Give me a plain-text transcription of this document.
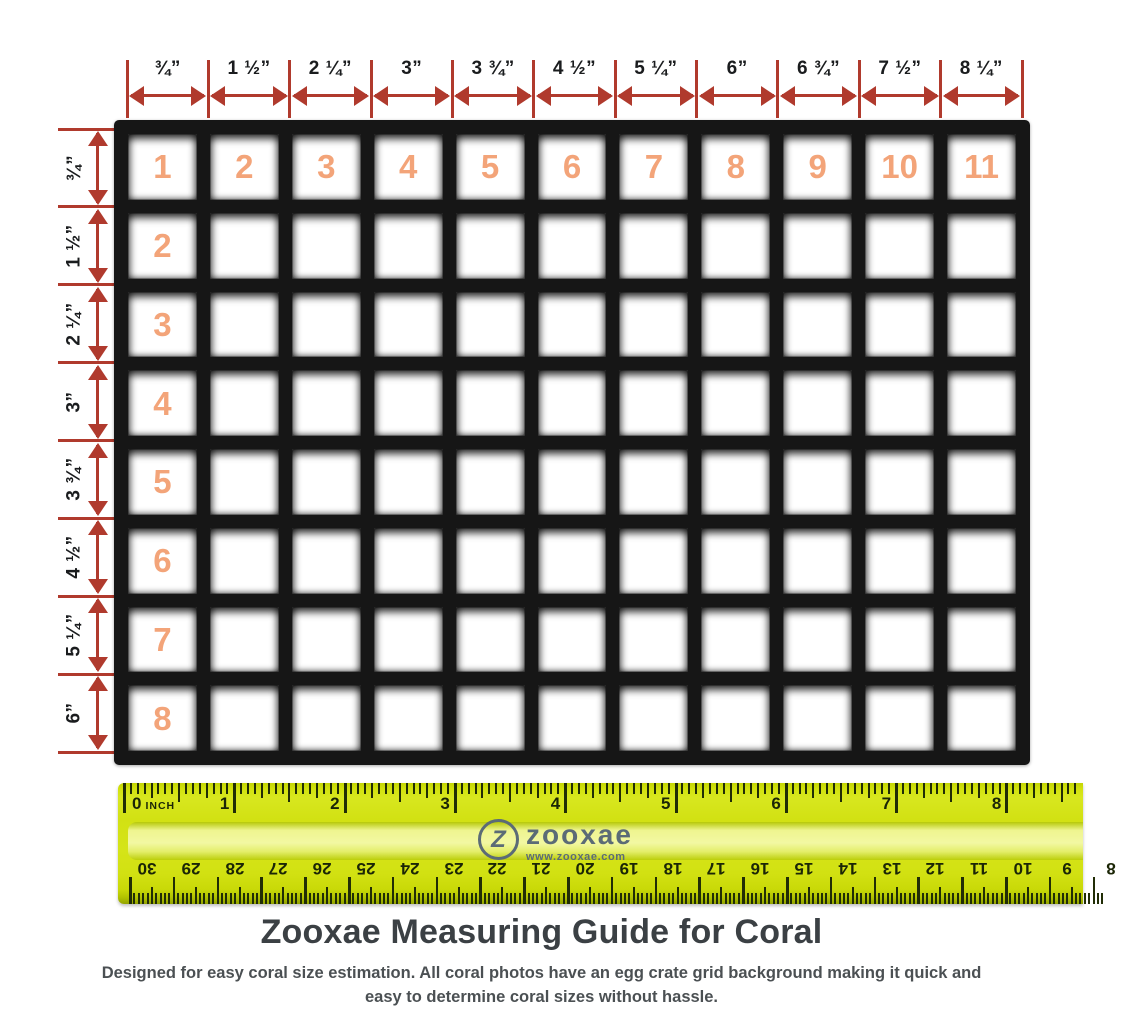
¾”	1 ½”	2 ¼”	3”	3 ¾”	4 ½”	5 ¼”	6”	6 ¾”	7 ½”	8 ¼”
¾”
1 ½”
2 ¼”
3”
3 ¾”
4 ½”
5 ¼”
6”
1 2 3 4 5 6 7 8 9 10 11
2
3
4
5
6
7
8
0 INCH	1	2	3	4	5	6	7	8
30 29 28 27 26 25 24 23 22 21 20 19 18 17 16 15 14 13 12 11 10	9	8
Z zooxae
www.zooxae.com
Zooxae Measuring Guide for Coral

Designed for easy coral size estimation. All coral photos have an egg crate grid background making it quick and easy to determine coral sizes without hassle.
